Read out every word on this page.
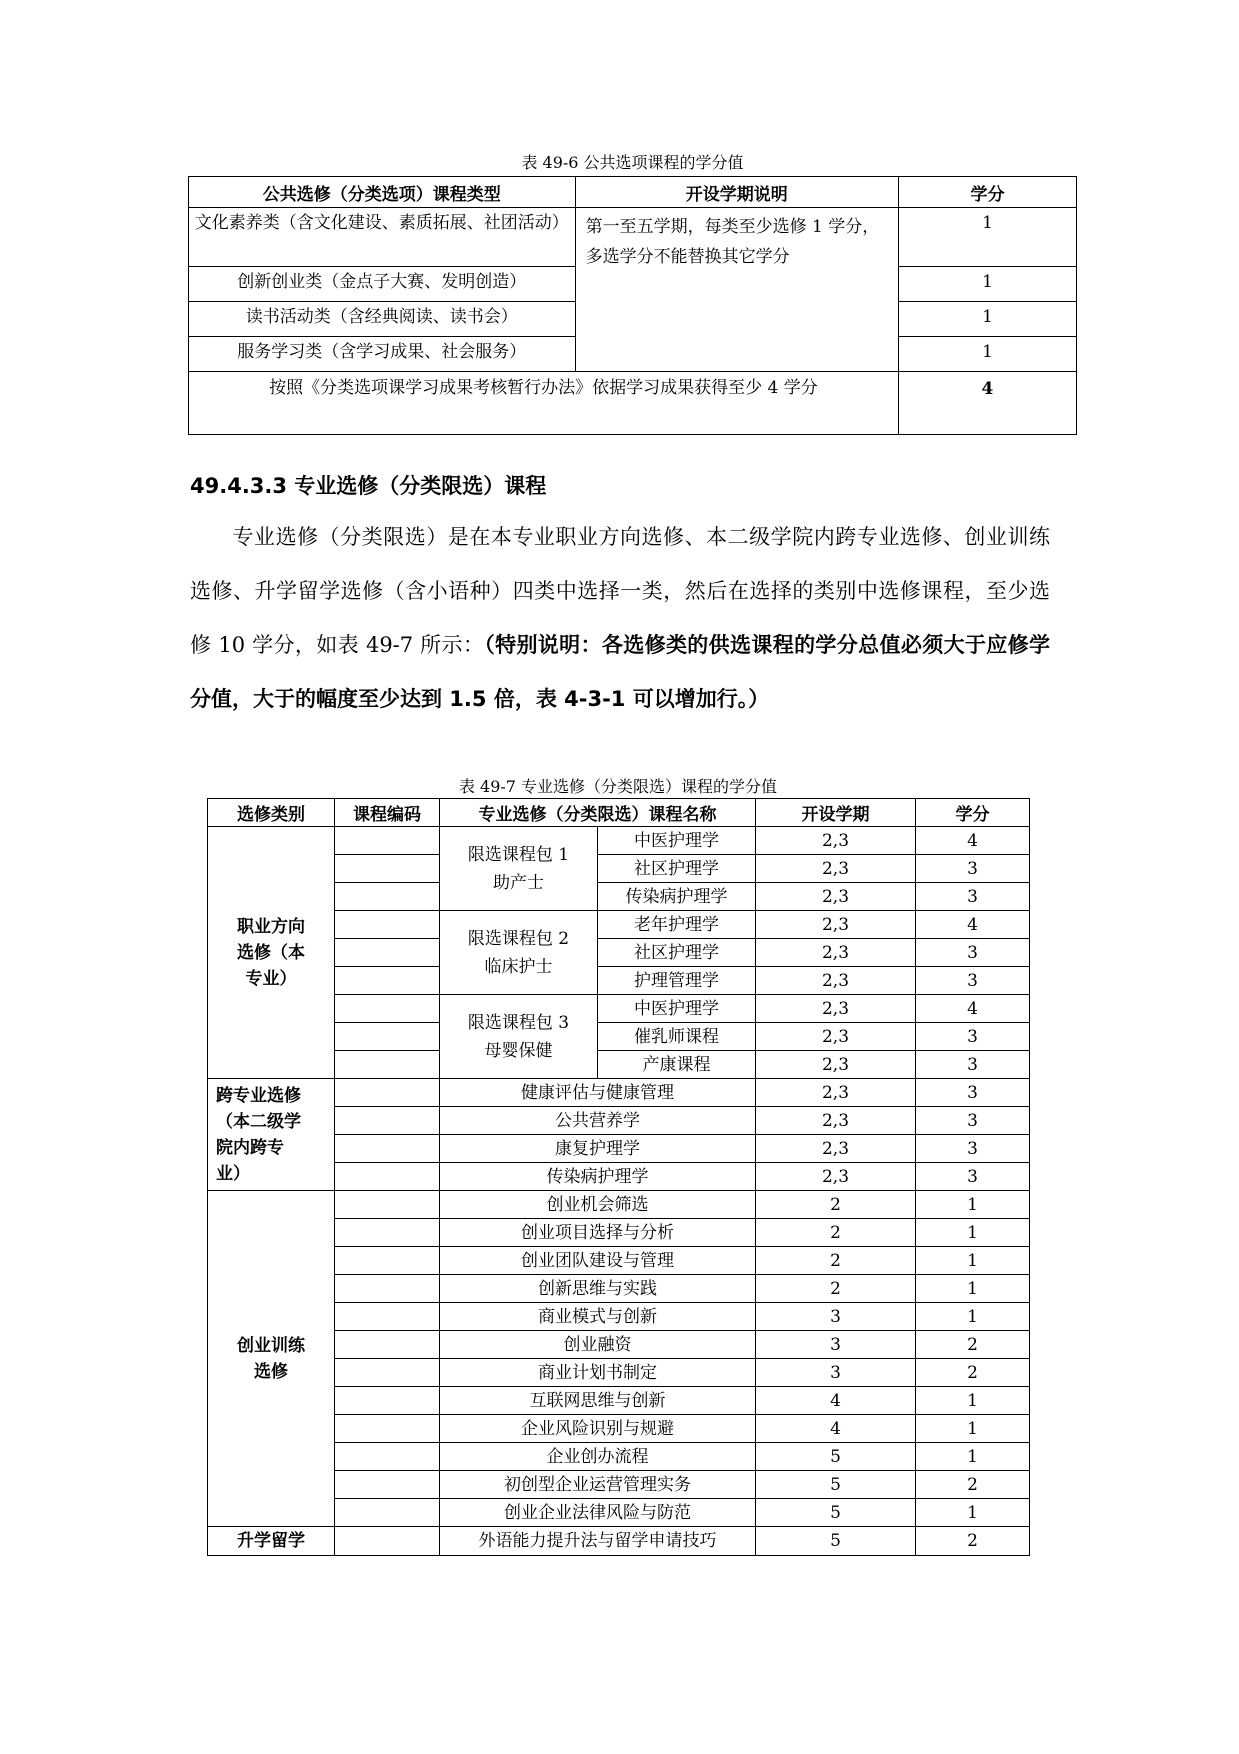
表 49-6 公共选项课程的学分值
公共选修（分类选项）课程类型	开设学期说明	学分
文化素养类（含文化建设、素质拓展、社团活动）	第一至五学期，每类至少选修 1 学分，多选学分不能替换其它学分	1
创新创业类（金点子大赛、发明创造）		1
读书活动类（含经典阅读、读书会）		1
服务学习类（含学习成果、社会服务）		1
按照《分类选项课学习成果考核暂行办法》依据学习成果获得至少 4 学分		4
49.4.3.3 专业选修（分类限选）课程
专业选修（分类限选）是在本专业职业方向选修、本二级学院内跨专业选修、创业训练选修、升学留学选修（含小语种）四类中选择一类，然后在选择的类别中选修课程，至少选修 10 学分，如表 49-7 所示：（特别说明：各选修类的供选课程的学分总值必须大于应修学分值，大于的幅度至少达到 1.5 倍，表 4-3-1 可以增加行。）
表 49-7 专业选修（分类限选）课程的学分值
选修类别	课程编码	专业选修（分类限选）课程名称		开设学期	学分
职业方向选修（本专业）		限选课程包 1 助产士	中医护理学	2,3	4
			社区护理学	2,3	3
			传染病护理学	2,3	3
		限选课程包 2 临床护士	老年护理学	2,3	4
			社区护理学	2,3	3
			护理管理学	2,3	3
		限选课程包 3 母婴保健	中医护理学	2,3	4
			催乳师课程	2,3	3
			产康课程	2,3	3
跨专业选修（本二级学院内跨专业）		健康评估与健康管理		2,3	3
		公共营养学		2,3	3
		康复护理学		2,3	3
		传染病护理学		2,3	3
创业训练选修		创业机会筛选		2	1
		创业项目选择与分析		2	1
		创业团队建设与管理		2	1
		创新思维与实践		2	1
		商业模式与创新		3	1
		创业融资		3	2
		商业计划书制定		3	2
		互联网思维与创新		4	1
		企业风险识别与规避		4	1
		企业创办流程		5	1
		初创型企业运营管理实务		5	2
		创业企业法律风险与防范		5	1
升学留学		外语能力提升法与留学申请技巧		5	2
